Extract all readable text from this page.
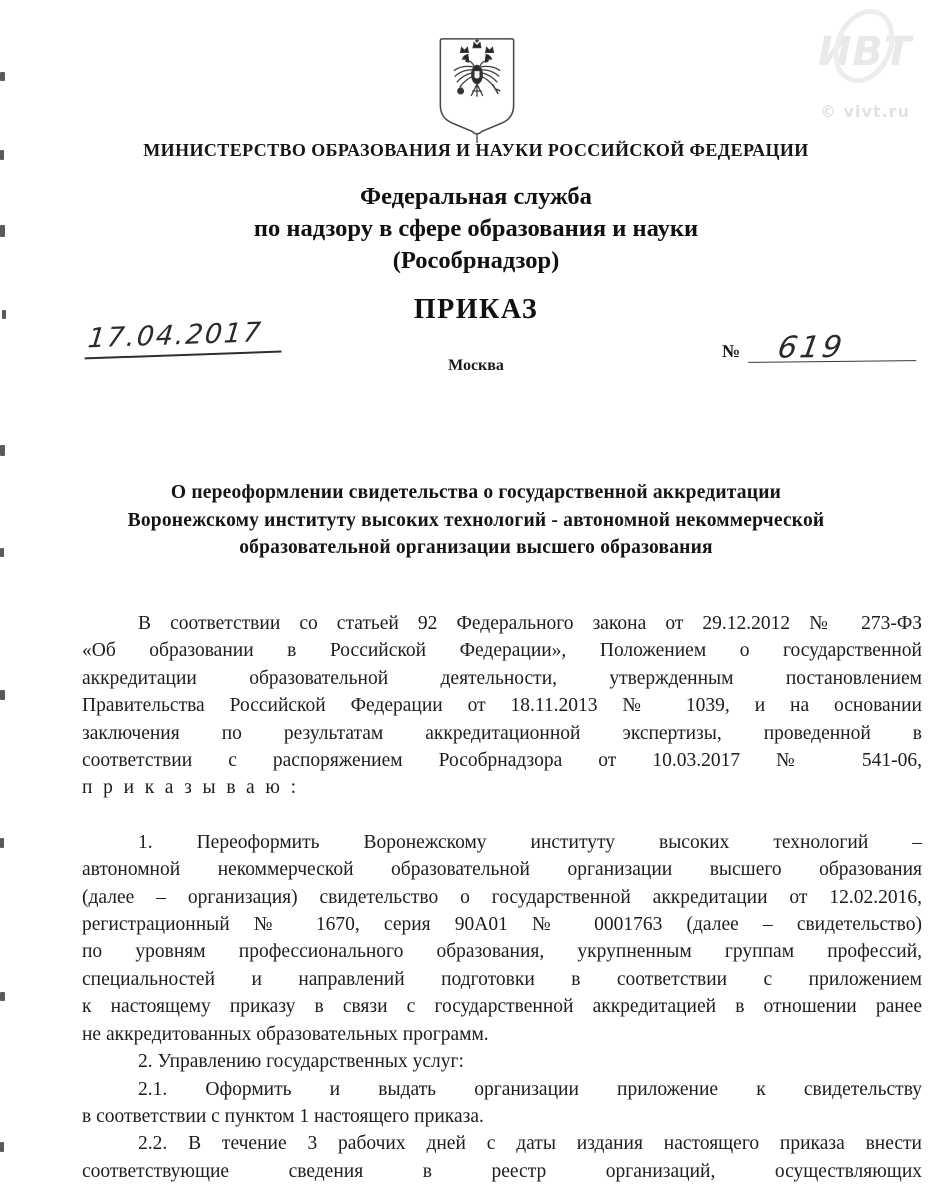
ИВТ
© vivt.ru
МИНИСТЕРСТВО ОБРАЗОВАНИЯ И НАУКИ РОССИЙСКОЙ ФЕДЕРАЦИИ
Федеральная служба
по надзору в сфере образования и науки
(Рособрнадзор)
ПРИКАЗ
17.04.2017	№ 619
Москва
О переоформлении свидетельства о государственной аккредитации
Воронежскому институту высоких технологий - автономной некоммерческой
образовательной организации высшего образования
В соответствии со статьей 92 Федерального закона от 29.12.2012 № 273-ФЗ
«Об образовании в Российской Федерации», Положением о государственной
аккредитации образовательной деятельности, утвержденным постановлением
Правительства Российской Федерации от 18.11.2013 № 1039, и на основании
заключения по результатам аккредитационной экспертизы, проведенной в
соответствии с распоряжением Рособрнадзора от 10.03.2017 № 541-06,
приказываю:
1. Переоформить Воронежскому институту высоких технологий –
автономной некоммерческой образовательной организации высшего образования
(далее – организация) свидетельство о государственной аккредитации от 12.02.2016,
регистрационный № 1670, серия 90А01 № 0001763 (далее – свидетельство)
по уровням профессионального образования, укрупненным группам профессий,
специальностей и направлений подготовки в соответствии с приложением
к настоящему приказу в связи с государственной аккредитацией в отношении ранее
не аккредитованных образовательных программ.
2. Управлению государственных услуг:
2.1. Оформить и выдать организации приложение к свидетельству
в соответствии с пунктом 1 настоящего приказа.
2.2. В течение 3 рабочих дней с даты издания настоящего приказа внести
соответствующие сведения в реестр организаций, осуществляющих
